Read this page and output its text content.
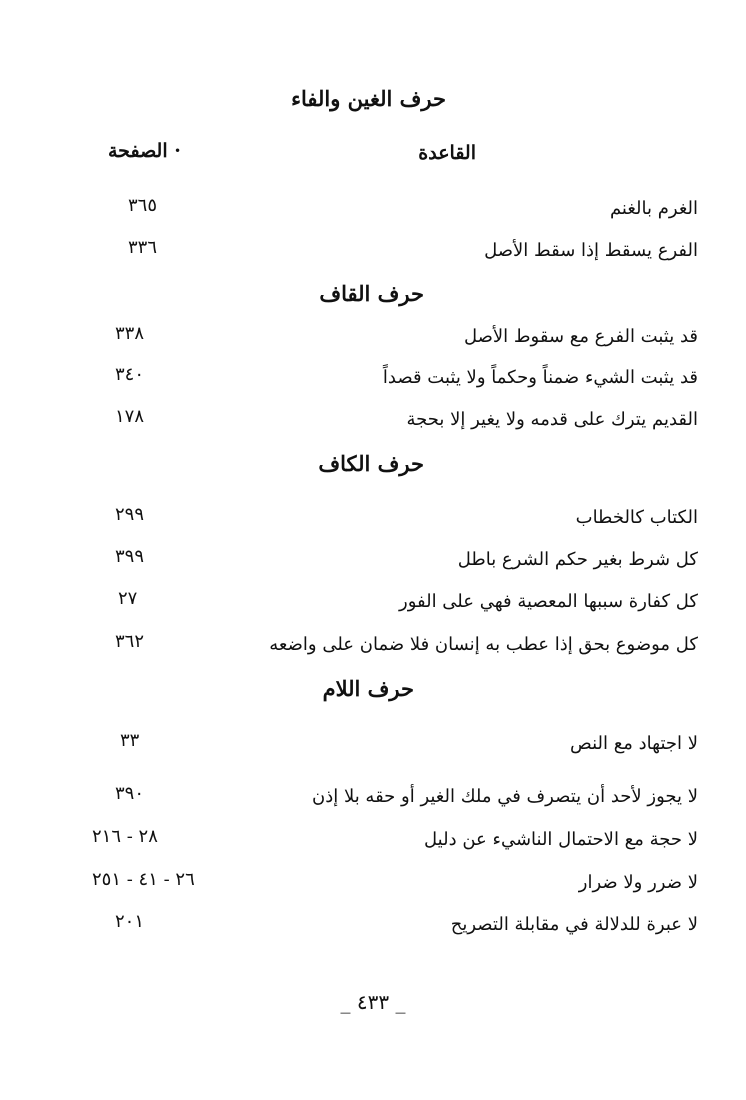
حرف الغين والفاء
القاعدة
· الصفحة
الغرم بالغنم
٣٦٥
الفرع يسقط إذا سقط الأصل
٣٣٦
حرف القاف
قد يثبت الفرع مع سقوط الأصل
٣٣٨
قد يثبت الشيء ضمناً وحكماً ولا يثبت قصداً
٣٤٠
القديم يترك على قدمه ولا يغير إلا بحجة
١٧٨
حرف الكاف
الكتاب كالخطاب
٢٩٩
كل شرط بغير حكم الشرع باطل
٣٩٩
كل كفارة سببها المعصية فهي على الفور
٢٧
كل موضوع بحق إذا عطب به إنسان فلا ضمان على واضعه
٣٦٢
حرف اللام
لا اجتهاد مع النص
٣٣
لا يجوز لأحد أن يتصرف في ملك الغير أو حقه بلا إذن
٣٩٠
لا حجة مع الاحتمال الناشيء عن دليل
٢٨ - ٢١٦
لا ضرر ولا ضرار
٢٦ - ٤١ - ٢٥١
لا عبرة للدلالة في مقابلة التصريح
٢٠١
_ ٤٣٣ _
